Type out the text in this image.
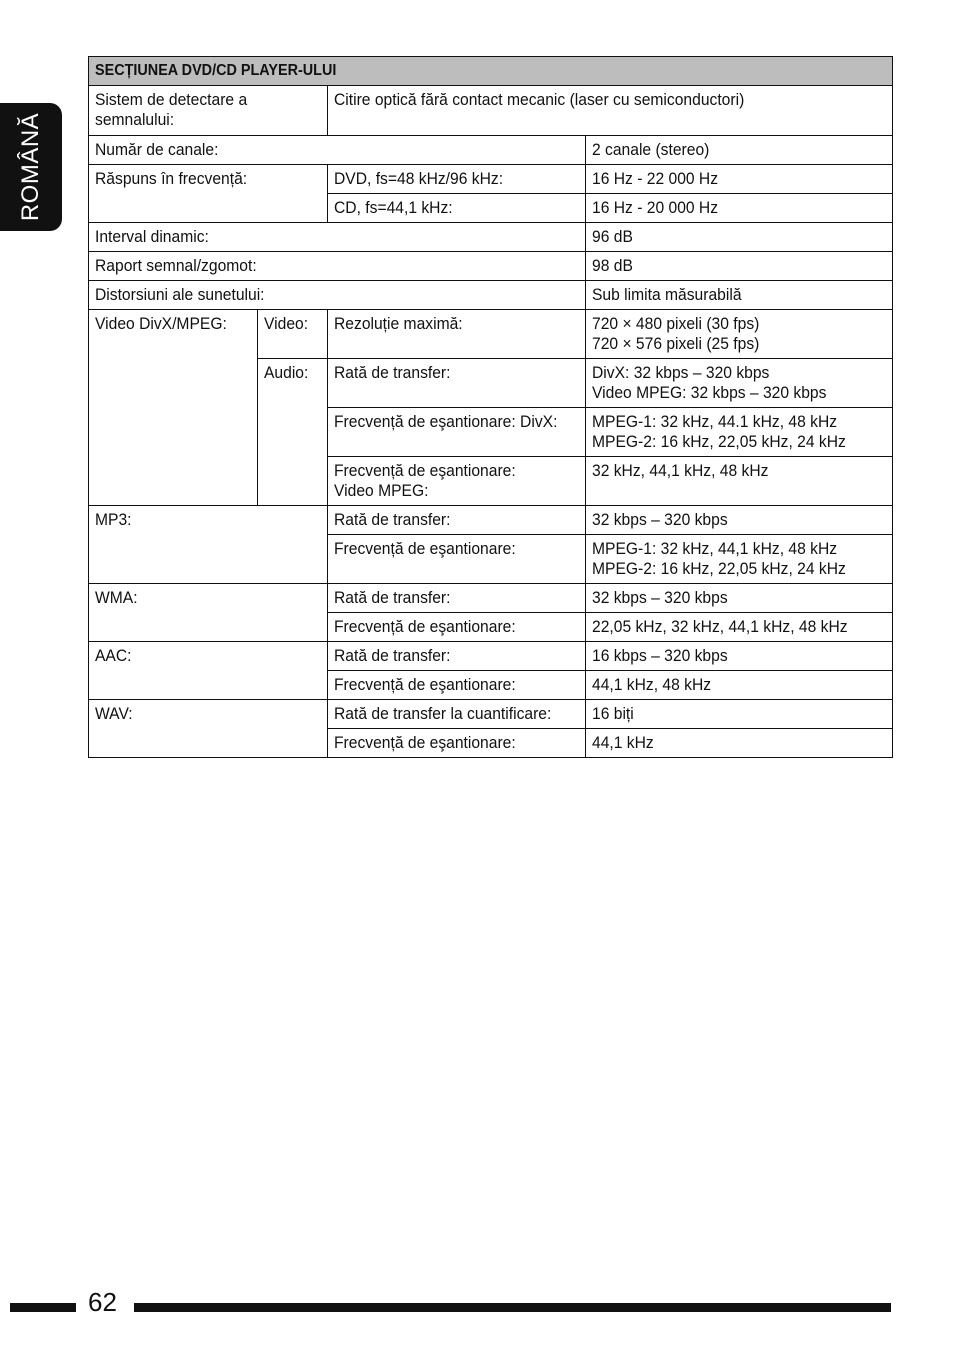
ROMÂNĂ
SECȚIUNEA DVD/CD PLAYER-ULUI			

Sistem de detectare a semnalului:		Citire optică fără contact mecanic (laser cu semiconductori)	

Număr de canale:			2 canale (stereo)

Răspuns în frecvență:		DVD, fs=48 kHz/96 kHz:	16 Hz - 22 000 Hz

		CD, fs=44,1 kHz:	16 Hz - 20 000 Hz

Interval dinamic:			96 dB

Raport semnal/zgomot:			98 dB

Distorsiuni ale sunetului:			Sub limita măsurabilă

Video DivX/MPEG:	Video:	Rezoluție maximă:	720 × 480 pixeli (30 fps)
720 × 576 pixeli (25 fps)

	Audio:	Rată de transfer:	DivX: 32 kbps – 320 kbps
Video MPEG: 32 kbps – 320 kbps

		Frecvență de eşantionare: DivX:	MPEG-1: 32 kHz, 44.1 kHz, 48 kHz
MPEG-2: 16 kHz, 22,05 kHz, 24 kHz

		Frecvență de eşantionare:
Video MPEG:	32 kHz, 44,1 kHz, 48 kHz

MP3:		Rată de transfer:	32 kbps – 320 kbps

		Frecvență de eşantionare:	MPEG-1: 32 kHz, 44,1 kHz, 48 kHz
MPEG-2: 16 kHz, 22,05 kHz, 24 kHz

WMA:		Rată de transfer:	32 kbps – 320 kbps

		Frecvență de eşantionare:	22,05 kHz, 32 kHz, 44,1 kHz, 48 kHz

AAC:		Rată de transfer:	16 kbps – 320 kbps

		Frecvență de eşantionare:	44,1 kHz, 48 kHz

WAV:		Rată de transfer la cuantificare:	16 biți

		Frecvență de eşantionare:	44,1 kHz
62
